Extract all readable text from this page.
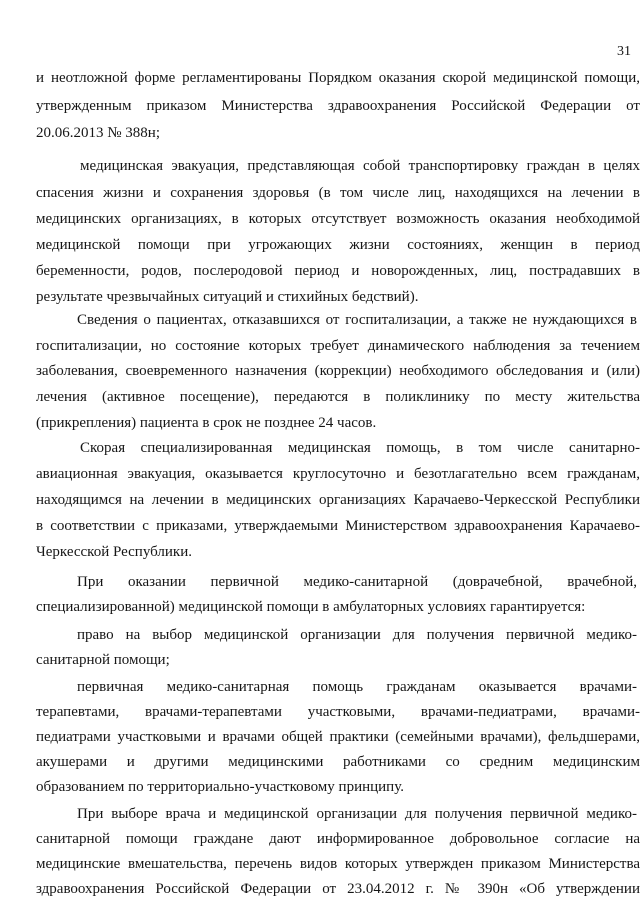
31
и неотложной форме регламентированы Порядком оказания скорой медицинской помощи,
утвержденным приказом Министерства здравоохранения Российской Федерации от
20.06.2013 № 388н;
медицинская эвакуация, представляющая собой транспортировку граждан в целях
спасения жизни и сохранения здоровья (в том числе лиц, находящихся на лечении в
медицинских организациях, в которых отсутствует возможность оказания необходимой
медицинской помощи при угрожающих жизни состояниях, женщин в период
беременности, родов, послеродовой период и новорожденных, лиц, пострадавших в
результате чрезвычайных ситуаций и стихийных бедствий).
Сведения о пациентах, отказавшихся от госпитализации, а также не нуждающихся в
госпитализации, но состояние которых требует динамического наблюдения за течением
заболевания, своевременного назначения (коррекции) необходимого обследования и (или)
лечения (активное посещение), передаются в поликлинику по месту жительства
(прикрепления) пациента в срок не позднее 24 часов.
Скорая специализированная медицинская помощь, в том числе санитарно-
авиационная эвакуация, оказывается круглосуточно и безотлагательно всем гражданам,
находящимся на лечении в медицинских организациях Карачаево-Черкесской Республики
в соответствии с приказами, утверждаемыми Министерством здравоохранения Карачаево-
Черкесской Республики.
При оказании первичной медико-санитарной (доврачебной, врачебной,
специализированной) медицинской помощи в амбулаторных условиях гарантируется:
право на выбор медицинской организации для получения первичной медико-
санитарной помощи;
первичная медико-санитарная помощь гражданам оказывается врачами-
терапевтами, врачами-терапевтами участковыми, врачами-педиатрами, врачами-
педиатрами участковыми и врачами общей практики (семейными врачами), фельдшерами,
акушерами и другими медицинскими работниками со средним медицинским
образованием по территориально-участковому принципу.
При выборе врача и медицинской организации для получения первичной медико-
санитарной помощи граждане дают информированное добровольное согласие на
медицинские вмешательства, перечень видов которых утвержден приказом Министерства
здравоохранения Российской Федерации от 23.04.2012 г. № 390н «Об утверждении
